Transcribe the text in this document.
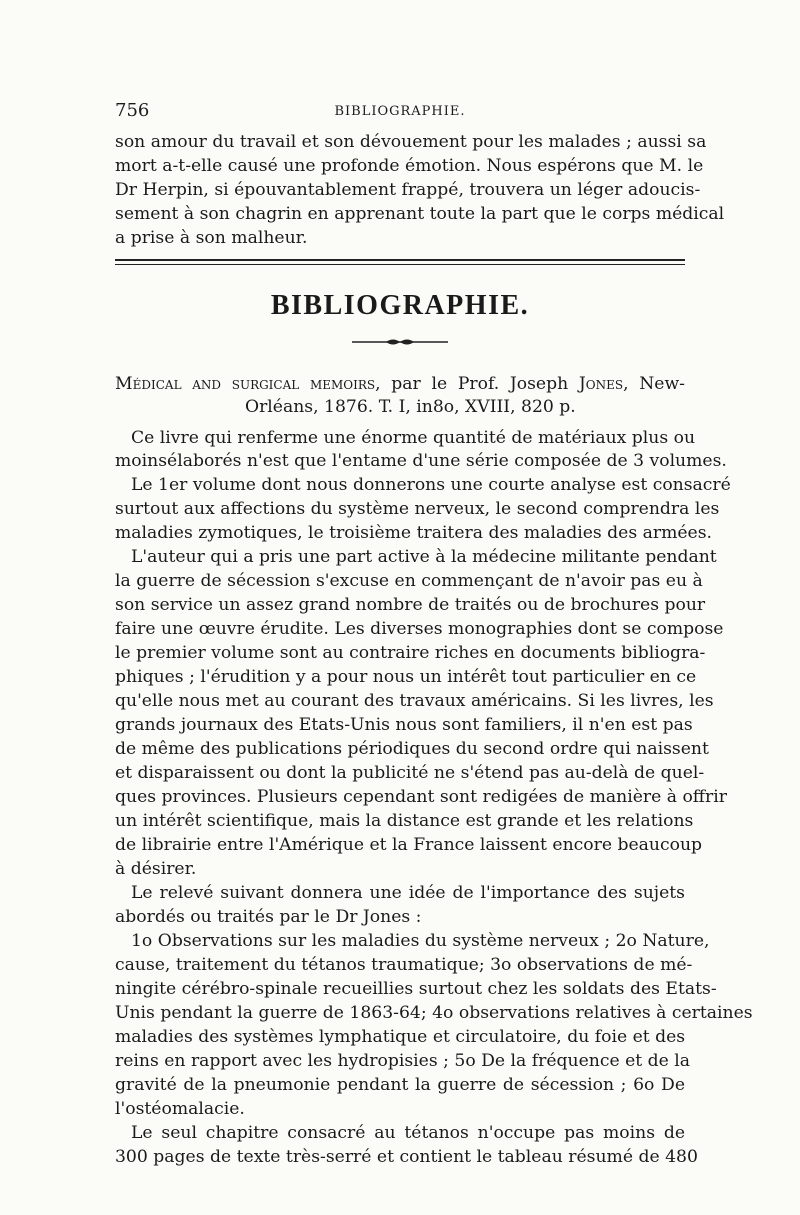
756	BIBLIOGRAPHIE.
son amour du travail et son dévouement pour les malades ; aussi sa
mort a-t-elle causé une profonde émotion. Nous espérons que M. le
Dr Herpin, si épouvantablement frappé, trouvera un léger adoucis-
sement à son chagrin en apprenant toute la part que le corps médical
a prise à son malheur.
BIBLIOGRAPHIE.
Médical and surgical memoirs, par le Prof. Joseph Jones, New-
Orléans, 1876. T. I, in8o, XVIII, 820 p.
Ce livre qui renferme une énorme quantité de matériaux plus ou
moinsélaborés n'est que l'entame d'une série composée de 3 volumes.
Le 1er volume dont nous donnerons une courte analyse est consacré
surtout aux affections du système nerveux, le second comprendra les
maladies zymotiques, le troisième traitera des maladies des armées.
L'auteur qui a pris une part active à la médecine militante pendant
la guerre de sécession s'excuse en commençant de n'avoir pas eu à
son service un assez grand nombre de traités ou de brochures pour
faire une œuvre érudite. Les diverses monographies dont se compose
le premier volume sont au contraire riches en documents bibliogra-
phiques ; l'érudition y a pour nous un intérêt tout particulier en ce
qu'elle nous met au courant des travaux américains. Si les livres, les
grands journaux des Etats-Unis nous sont familiers, il n'en est pas
de même des publications périodiques du second ordre qui naissent
et disparaissent ou dont la publicité ne s'étend pas au-delà de quel-
ques provinces. Plusieurs cependant sont redigées de manière à offrir
un intérêt scientifique, mais la distance est grande et les relations
de librairie entre l'Amérique et la France laissent encore beaucoup
à désirer.
Le relevé suivant donnera une idée de l'importance des sujets
abordés ou traités par le Dr Jones :
1o Observations sur les maladies du système nerveux ; 2o Nature,
cause, traitement du tétanos traumatique; 3o observations de mé-
ningite cérébro-spinale recueillies surtout chez les soldats des Etats-
Unis pendant la guerre de 1863-64; 4o observations relatives à certaines
maladies des systèmes lymphatique et circulatoire, du foie et des
reins en rapport avec les hydropisies ; 5o De la fréquence et de la
gravité de la pneumonie pendant la guerre de sécession ; 6o De
l'ostéomalacie.
Le seul chapitre consacré au tétanos n'occupe pas moins de
300 pages de texte très-serré et contient le tableau résumé de 480
